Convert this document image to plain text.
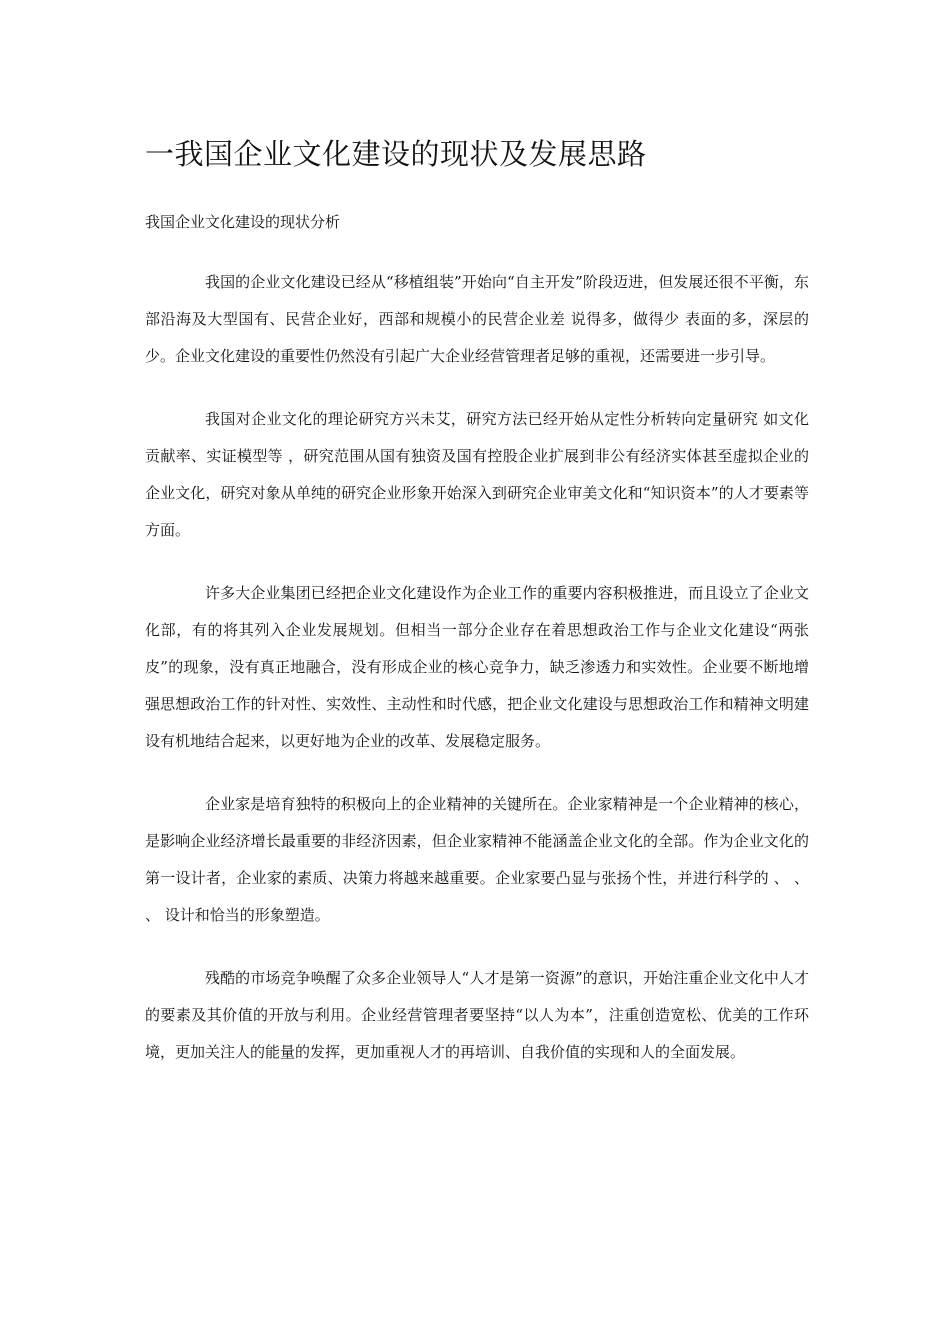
一我国企业文化建设的现状及发展思路
我国企业文化建设的现状分析

我国的企业文化建设已经从“移植组装”开始向“自主开发”阶段迈进，但发展还很不平衡，东部沿海及大型国有、民营企业好，西部和规模小的民营企业差 说得多，做得少 表面的多，深层的少。企业文化建设的重要性仍然没有引起广大企业经营管理者足够的重视，还需要进一步引导。

我国对企业文化的理论研究方兴未艾，研究方法已经开始从定性分析转向定量研究 如文化贡献率、实证模型等 ，研究范围从国有独资及国有控股企业扩展到非公有经济实体甚至虚拟企业的企业文化，研究对象从单纯的研究企业形象开始深入到研究企业审美文化和“知识资本”的人才要素等方面。

许多大企业集团已经把企业文化建设作为企业工作的重要内容积极推进，而且设立了企业文化部，有的将其列入企业发展规划。但相当一部分企业存在着思想政治工作与企业文化建设“两张皮”的现象，没有真正地融合，没有形成企业的核心竞争力，缺乏渗透力和实效性。企业要不断地增强思想政治工作的针对性、实效性、主动性和时代感，把企业文化建设与思想政治工作和精神文明建设有机地结合起来，以更好地为企业的改革、发展稳定服务。

企业家是培育独特的积极向上的企业精神的关键所在。企业家精神是一个企业精神的核心，是影响企业经济增长最重要的非经济因素，但企业家精神不能涵盖企业文化的全部。作为企业文化的第一设计者，企业家的素质、决策力将越来越重要。企业家要凸显与张扬个性，并进行科学的 、 、 、 设计和恰当的形象塑造。

残酷的市场竞争唤醒了众多企业领导人“人才是第一资源”的意识，开始注重企业文化中人才的要素及其价值的开放与利用。企业经营管理者要坚持“以人为本”，注重创造宽松、优美的工作环境，更加关注人的能量的发挥，更加重视人才的再培训、自我价值的实现和人的全面发展。
